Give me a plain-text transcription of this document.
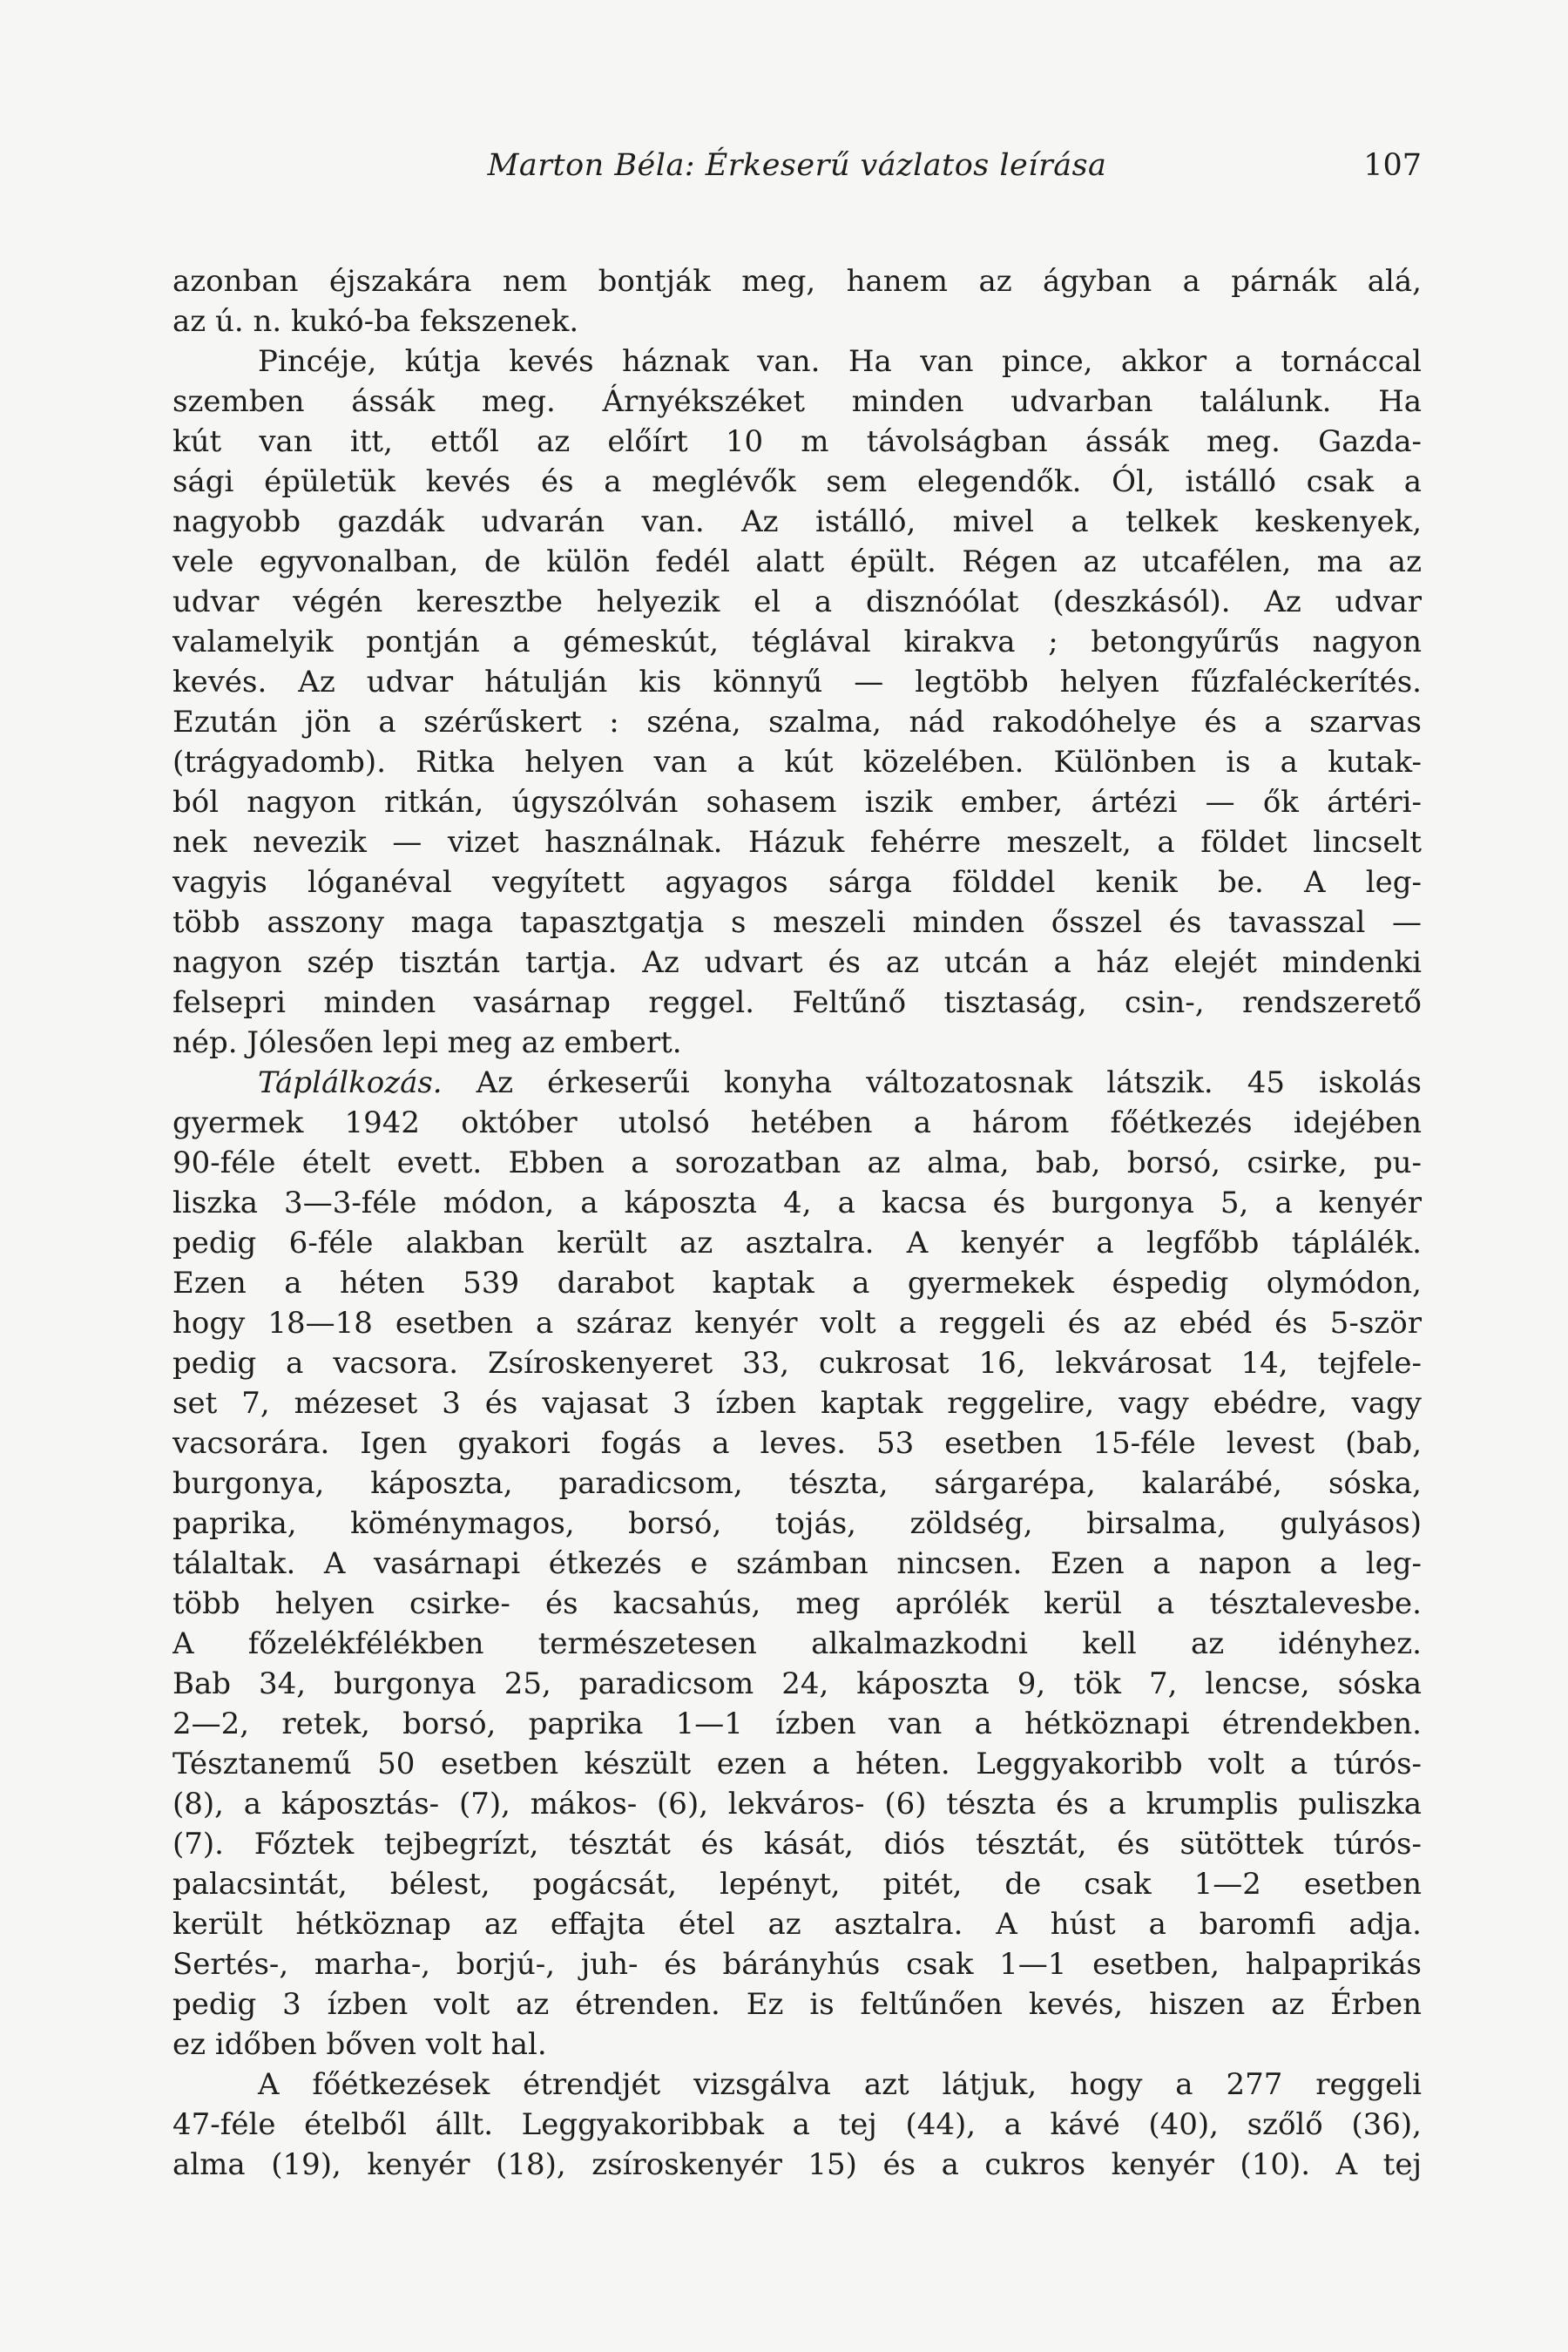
Marton Béla: Érkeserű vázlatos leírása	107
azonban éjszakára nem bontják meg, hanem az ágyban a párnák alá,
az ú. n. kukó-ba fekszenek.
Pincéje, kútja kevés háznak van. Ha van pince, akkor a tornáccal
szemben ássák meg. Árnyékszéket minden udvarban találunk. Ha
kút van itt, ettől az előírt 10 m távolságban ássák meg. Gazda-
sági épületük kevés és a meglévők sem elegendők. Ól, istálló csak a
nagyobb gazdák udvarán van. Az istálló, mivel a telkek keskenyek,
vele egyvonalban, de külön fedél alatt épült. Régen az utcafélen, ma az
udvar végén keresztbe helyezik el a disznóólat (deszkásól). Az udvar
valamelyik pontján a gémeskút, téglával kirakva ; betongyűrűs nagyon
kevés. Az udvar hátulján kis könnyű — legtöbb helyen fűzfaléckerítés.
Ezután jön a szérűskert : széna, szalma, nád rakodóhelye és a szarvas
(trágyadomb). Ritka helyen van a kút közelében. Különben is a kutak-
ból nagyon ritkán, úgyszólván sohasem iszik ember, ártézi — ők ártéri-
nek nevezik — vizet használnak. Házuk fehérre meszelt, a földet lincselt
vagyis lóganéval vegyített agyagos sárga földdel kenik be. A leg-
több asszony maga tapasztgatja s meszeli minden ősszel és tavasszal —
nagyon szép tisztán tartja. Az udvart és az utcán a ház elejét mindenki
felsepri minden vasárnap reggel. Feltűnő tisztaság, csin-, rendszerető
nép. Jólesően lepi meg az embert.
Táplálkozás. Az érkeserűi konyha változatosnak látszik. 45 iskolás
gyermek 1942 október utolsó hetében a három főétkezés idejében
90-féle ételt evett. Ebben a sorozatban az alma, bab, borsó, csirke, pu-
liszka 3—3-féle módon, a káposzta 4, a kacsa és burgonya 5, a kenyér
pedig 6-féle alakban került az asztalra. A kenyér a legfőbb táplálék.
Ezen a héten 539 darabot kaptak a gyermekek éspedig olymódon,
hogy 18—18 esetben a száraz kenyér volt a reggeli és az ebéd és 5-ször
pedig a vacsora. Zsíroskenyeret 33, cukrosat 16, lekvárosat 14, tejfele-
set 7, mézeset 3 és vajasat 3 ízben kaptak reggelire, vagy ebédre, vagy
vacsorára. Igen gyakori fogás a leves. 53 esetben 15-féle levest (bab,
burgonya, káposzta, paradicsom, tészta, sárgarépa, kalarábé, sóska,
paprika, köménymagos, borsó, tojás, zöldség, birsalma, gulyásos)
tálaltak. A vasárnapi étkezés e számban nincsen. Ezen a napon a leg-
több helyen csirke- és kacsahús, meg aprólék kerül a tésztalevesbe.
A főzelékfélékben természetesen alkalmazkodni kell az idényhez.
Bab 34, burgonya 25, paradicsom 24, káposzta 9, tök 7, lencse, sóska
2—2, retek, borsó, paprika 1—1 ízben van a hétköznapi étrendekben.
Tésztanemű 50 esetben készült ezen a héten. Leggyakoribb volt a túrós-
(8), a káposztás- (7), mákos- (6), lekváros- (6) tészta és a krumplis puliszka
(7). Főztek tejbegrízt, tésztát és kását, diós tésztát, és sütöttek túrós-
palacsintát, bélest, pogácsát, lepényt, pitét, de csak 1—2 esetben
került hétköznap az effajta étel az asztalra. A húst a baromfi adja.
Sertés-, marha-, borjú-, juh- és bárányhús csak 1—1 esetben, halpaprikás
pedig 3 ízben volt az étrenden. Ez is feltűnően kevés, hiszen az Érben
ez időben bőven volt hal.
A főétkezések étrendjét vizsgálva azt látjuk, hogy a 277 reggeli
47-féle ételből állt. Leggyakoribbak a tej (44), a kávé (40), szőlő (36),
alma (19), kenyér (18), zsíroskenyér 15) és a cukros kenyér (10). A tej
